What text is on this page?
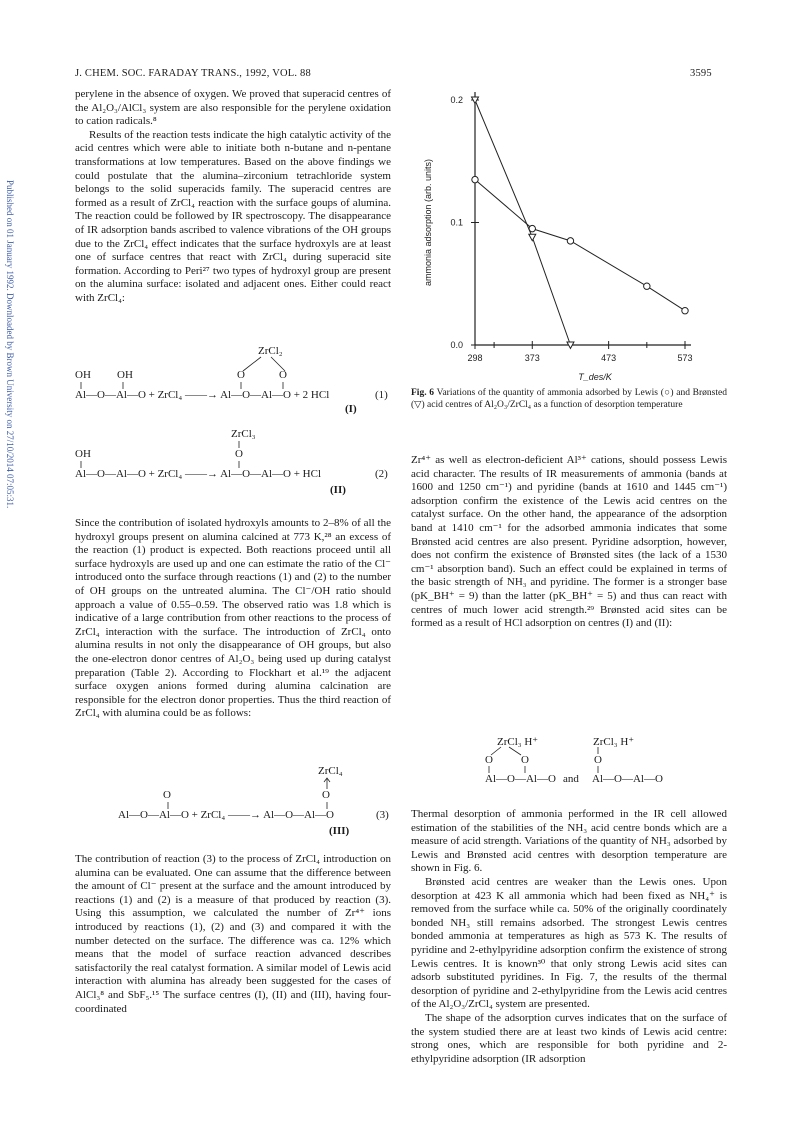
J. CHEM. SOC. FARADAY TRANS., 1992, VOL. 88	3595
Published on 01 January 1992. Downloaded by Brown University on 27/10/2014 07:05:31.

perylene in the absence of oxygen. We proved that superacid centres of the Al₂O₃/AlCl₃ system are also responsible for the perylene oxidation to cation radicals.⁸

Results of the reaction tests indicate the high catalytic activity of the acid centres which were able to initiate both n-butane and n-pentane transformations at low temperatures. Based on the above findings we could postulate that the alumina–zirconium tetrachloride system belongs to the solid superacids family. The superacid centres are formed as a result of ZrCl₄ reaction with the surface goups of alumina. The reaction could be followed by IR spectroscopy. The disappearance of IR adsorption bands ascribed to valence vibrations of the OH groups due to the ZrCl₄ effect indicates that the surface hydroxyls are at least one of surface centres that react with ZrCl₄ during superacid site formation. According to Peri²⁷ two types of hydroxyl group are present on the alumina surface: isolated and adjacent ones. Either could react with ZrCl₄:

ZrCl₂
OH OH	O	O
Al—O—Al—O + ZrCl₄ ——→ Al—O—Al—O + 2 HCl	(1)
(I)
ZrCl₃
OH	O
Al—O—Al—O + ZrCl₄ ——→ Al—O—Al—O + HCl	(2)
(II)

Since the contribution of isolated hydroxyls amounts to 2–8% of all the hydroxyl groups present on alumina calcined at 773 K,²⁸ an excess of the reaction (1) product is expected. Both reactions proceed until all surface hydroxyls are used up and one can estimate the ratio of the Cl⁻ introduced onto the surface through reactions (1) and (2) to the number of OH groups on the untreated alumina. The Cl⁻/OH ratio should approach a value of 0.55–0.59. The observed ratio was 1.8 which is indicative of a large contribution from other reactions to the process of ZrCl₄ interaction with the surface. The introduction of ZrCl₄ onto alumina results in not only the disappearance of OH groups, but also the one-electron donor centres of Al₂O₃ being used up during catalyst preparation (Table 2). According to Flockhart et al.¹⁹ the adjacent surface oxygen anions formed during alumina calcination are responsible for the electron donor properties. Thus the third reaction of ZrCl₄ with alumina could be as follows:

ZrCl₄
O	O
Al—O—Al—O + ZrCl₄ ——→ Al—O—Al—O	(3)
(III)

The contribution of reaction (3) to the process of ZrCl₄ introduction on alumina can be evaluated. One can assume that the difference between the amount of Cl⁻ present at the surface and the amount introduced by reactions (1) and (2) is a measure of that produced by reaction (3). Using this assumption, we calculated the number of Zr⁴⁺ ions introduced by reactions (1), (2) and (3) and compared it with the number detected on the surface. The difference was ca. 12% which means that the model of surface reaction advanced describes satisfactorily the real catalyst formation. A similar model of Lewis acid interaction with alumina has already been suggested for the cases of AlCl₃⁸ and SbF₅.¹⁵ The surface centres (I), (II) and (III), having four-coordinated

0.0
0.1
0.2
298	373	473	573
T_des/K
ammonia adsorption (arb. units)
Fig. 6 Variations of the quantity of ammonia adsorbed by Lewis (○) and Brønsted (▽) acid centres of Al₂O₃/ZrCl₄ as a function of desorption temperature

Zr⁴⁺ as well as electron-deficient Al³⁺ cations, should possess Lewis acid character. The results of IR measurements of ammonia (bands at 1600 and 1250 cm⁻¹) and pyridine (bands at 1610 and 1445 cm⁻¹) adsorption confirm the existence of the Lewis acid centres on the catalyst surface. On the other hand, the appearance of the adsorption band at 1410 cm⁻¹ for the adsorbed ammonia indicates that some Brønsted acid centres are also present. Pyridine adsorption, however, does not confirm the existence of Brønsted sites (the lack of a 1530 cm⁻¹ absorption band). Such an effect could be explained in terms of the basic strength of NH₃ and pyridine. The former is a stronger base (pK_BH⁺ = 9) than the latter (pK_BH⁺ = 5) and thus can react with centres of much lower acid strength.²⁹ Brønsted acid sites can be formed as a result of HCl adsorption on centres (I) and (II):

ZrCl₃ H⁺	ZrCl₃ H⁺
O	O	O
Al—O—Al—O and Al—O—Al—O

Thermal desorption of ammonia performed in the IR cell allowed estimation of the stabilities of the NH₃ acid centre bonds which are a measure of acid strength. Variations of the quantity of NH₃ adsorbed by Lewis and Brønsted acid centres with desorption temperature are shown in Fig. 6.

Brønsted acid centres are weaker than the Lewis ones. Upon desorption at 423 K all ammonia which had been fixed as NH₄⁺ is removed from the surface while ca. 50% of the originally coordinately bonded NH₃ still remains adsorbed. The strongest Lewis centres bonded ammonia at temperatures as high as 573 K. The results of pyridine and 2-ethylpyridine adsorption confirm the existence of strong Lewis centres. It is known³⁰ that only strong Lewis acid sites can adsorb substituted pyridines. In Fig. 7, the results of the thermal desorption of pyridine and 2-ethylpyridine from the Lewis acid centres of the Al₂O₃/ZrCl₄ system are presented.

The shape of the adsorption curves indicates that on the surface of the system studied there are at least two kinds of Lewis acid centre: strong ones, which are responsible for both pyridine and 2-ethylpyridine adsorption (IR adsorption
